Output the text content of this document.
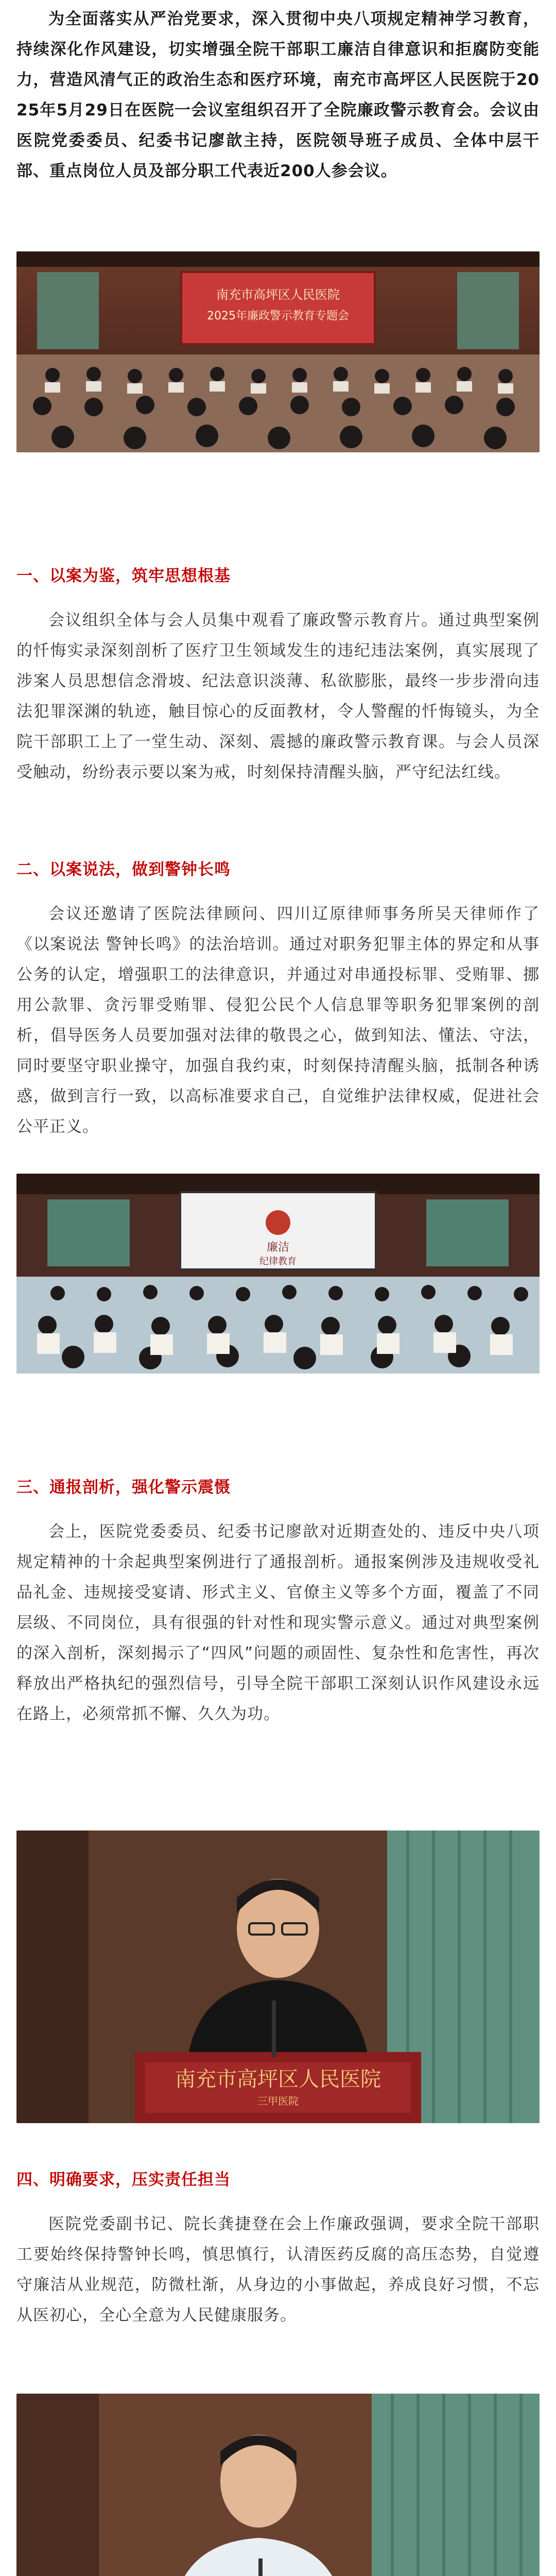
为全面落实从严治党要求，深入贯彻中央八项规定精神学习教育，持续深化作风建设，切实增强全院干部职工廉洁自律意识和拒腐防变能力，营造风清气正的政治生态和医疗环境，南充市高坪区人民医院于2025年5月29日在医院一会议室组织召开了全院廉政警示教育会。会议由医院党委委员、纪委书记廖歆主持，医院领导班子成员、全体中层干部、重点岗位人员及部分职工代表近200人参会议。

南充市高坪区人民医院
2025年廉政警示教育专题会

一、以案为鉴，筑牢思想根基

会议组织全体与会人员集中观看了廉政警示教育片。通过典型案例的忏悔实录深刻剖析了医疗卫生领域发生的违纪违法案例，真实展现了涉案人员思想信念滑坡、纪法意识淡薄、私欲膨胀，最终一步步滑向违法犯罪深渊的轨迹，触目惊心的反面教材，令人警醒的忏悔镜头，为全院干部职工上了一堂生动、深刻、震撼的廉政警示教育课。与会人员深受触动，纷纷表示要以案为戒，时刻保持清醒头脑，严守纪法红线。

二、以案说法，做到警钟长鸣

会议还邀请了医院法律顾问、四川辽原律师事务所吴天律师作了《以案说法 警钟长鸣》的法治培训。通过对职务犯罪主体的界定和从事公务的认定，增强职工的法律意识，并通过对串通投标罪、受贿罪、挪用公款罪、贪污罪受贿罪、侵犯公民个人信息罪等职务犯罪案例的剖析，倡导医务人员要加强对法律的敬畏之心，做到知法、懂法、守法，同时要坚守职业操守，加强自我约束，时刻保持清醒头脑，抵制各种诱惑，做到言行一致，以高标准要求自己，自觉维护法律权威，促进社会公平正义。

廉洁
纪律教育

三、通报剖析，强化警示震慑

会上，医院党委委员、纪委书记廖歆对近期查处的、违反中央八项规定精神的十余起典型案例进行了通报剖析。通报案例涉及违规收受礼品礼金、违规接受宴请、形式主义、官僚主义等多个方面，覆盖了不同层级、不同岗位，具有很强的针对性和现实警示意义。通过对典型案例的深入剖析，深刻揭示了“四风”问题的顽固性、复杂性和危害性，再次释放出严格执纪的强烈信号，引导全院干部职工深刻认识作风建设永远在路上，必须常抓不懈、久久为功。

南充市高坪区人民医院
三甲医院

四、明确要求，压实责任担当

医院党委副书记、院长龚捷登在会上作廉政强调，要求全院干部职工要始终保持警钟长鸣，慎思慎行，认清医药反腐的高压态势，自觉遵守廉洁从业规范，防微杜渐，从身边的小事做起，养成良好习惯，不忘从医初心，全心全意为人民健康服务。
